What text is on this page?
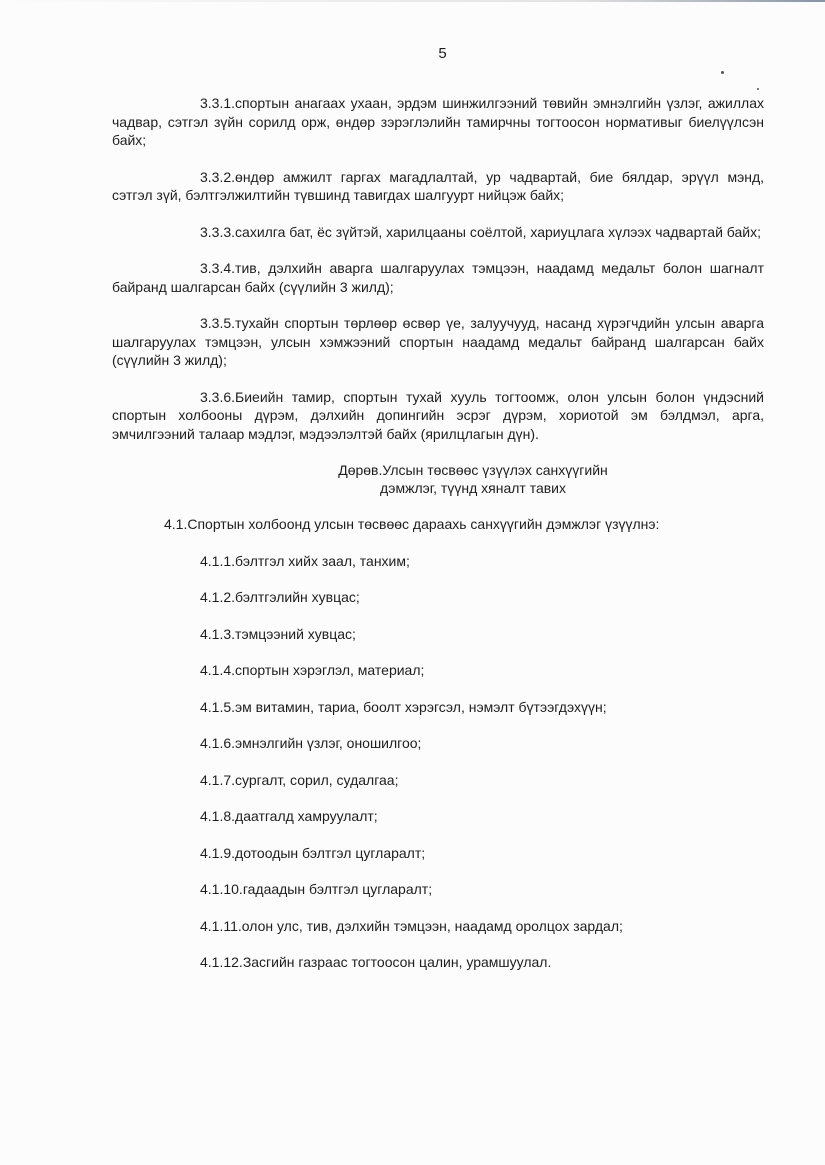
5

3.3.1.спортын анагаах ухаан, эрдэм шинжилгээний төвийн эмнэлгийн үзлэг, ажиллах чадвар, сэтгэл зүйн сорилд орж, өндөр зэрэглэлийн тамирчны тогтоосон нормативыг биелүүлсэн байх;

3.3.2.өндөр амжилт гаргах магадлалтай, ур чадвартай, бие бялдар, эрүүл мэнд, сэтгэл зүй, бэлтгэлжилтийн түвшинд тавигдах шалгуурт нийцэж байх;

3.3.3.сахилга бат, ёс зүйтэй, харилцааны соёлтой, хариуцлага хүлээх чадвартай байх;

3.3.4.тив, дэлхийн аварга шалгаруулах тэмцээн, наадамд медальт болон шагналт байранд шалгарсан байх (сүүлийн 3 жилд);

3.3.5.тухайн спортын төрлөөр өсвөр үе, залуучууд, насанд хүрэгчдийн улсын аварга шалгаруулах тэмцээн, улсын хэмжээний спортын наадамд медальт байранд шалгарсан байх (сүүлийн 3 жилд);

3.3.6.Биеийн тамир, спортын тухай хууль тогтоомж, олон улсын болон үндэсний спортын холбооны дүрэм, дэлхийн допингийн эсрэг дүрэм, хориотой эм бэлдмэл, арга, эмчилгээний талаар мэдлэг, мэдээлэлтэй байх (ярилцлагын дүн).

Дөрөв.Улсын төсвөөс үзүүлэх санхүүгийн

дэмжлэг, түүнд хяналт тавих

4.1.Спортын холбоонд улсын төсвөөс дараахь санхүүгийн дэмжлэг үзүүлнэ:

4.1.1.бэлтгэл хийх заал, танхим;

4.1.2.бэлтгэлийн хувцас;

4.1.3.тэмцээний хувцас;

4.1.4.спортын хэрэглэл, материал;

4.1.5.эм витамин, тариа, боолт хэрэгсэл, нэмэлт бүтээгдэхүүн;

4.1.6.эмнэлгийн үзлэг, оношилгоо;

4.1.7.сургалт, сорил, судалгаа;

4.1.8.даатгалд хамруулалт;

4.1.9.дотоодын бэлтгэл цугларалт;

4.1.10.гадаадын бэлтгэл цугларалт;

4.1.11.олон улс, тив, дэлхийн тэмцээн, наадамд оролцох зардал;

4.1.12.Засгийн газраас тогтоосон цалин, урамшуулал.
